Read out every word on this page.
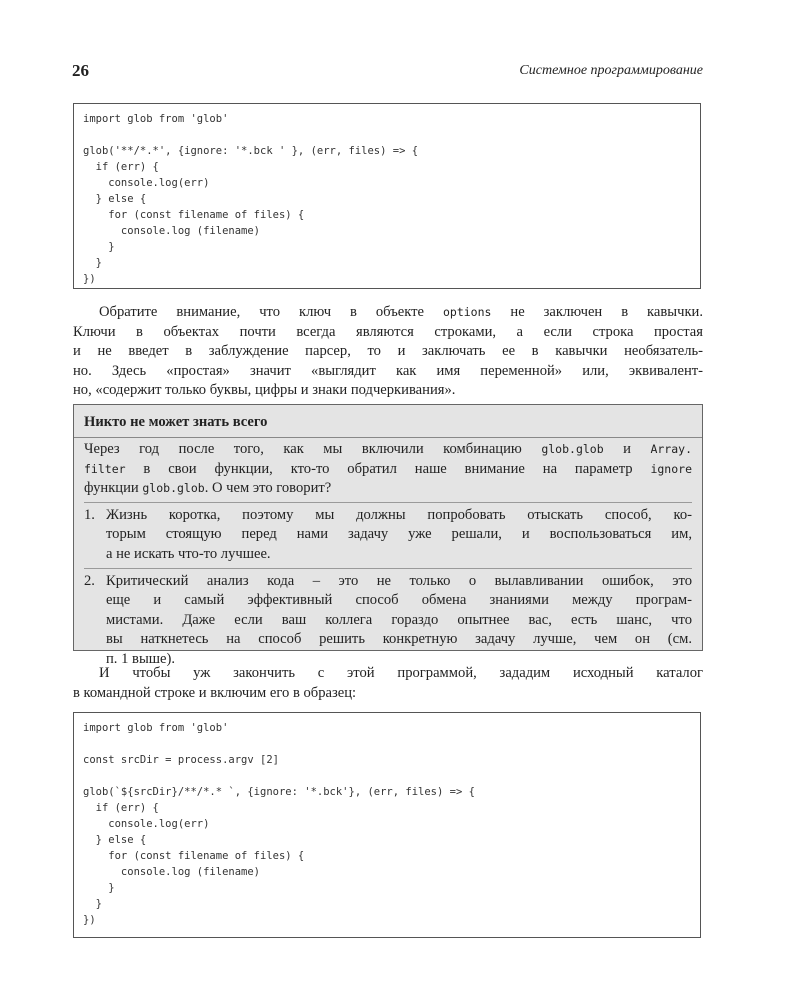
26	Системное программирование
import glob from 'glob'
glob('**/*.*', {ignore: '*.bck ' }, (err, files) => {
if (err) {
console.log(err)
} else {
for (const filename of files) {
console.log (filename)
}
}
})
Обратите внимание, что ключ в объекте options не заключен в кавычки.
Ключи в объектах почти всегда являются строками, а если строка простая
и не введет в заблуждение парсер, то и заключать ее в кавычки необязатель-
но. Здесь «простая» значит «выглядит как имя переменной» или, эквивалент-
но, «содержит только буквы, цифры и знаки подчеркивания».
Никто не может знать всего
Через год после того, как мы включили комбинацию glob.glob и Array.
filter в свои функции, кто-то обратил наше внимание на параметр ignore
функции glob.glob. О чем это говорит?
1. Жизнь коротка, поэтому мы должны попробовать отыскать способ, ко-
торым стоящую перед нами задачу уже решали, и воспользоваться им,
а не искать что-то лучшее.
2. Критический анализ кода – это не только о вылавливании ошибок, это
еще и самый эффективный способ обмена знаниями между програм-
мистами. Даже если ваш коллега гораздо опытнее вас, есть шанс, что
вы наткнетесь на способ решить конкретную задачу лучше, чем он (см.
п. 1 выше).
И чтобы уж закончить с этой программой, зададим исходный каталог
в командной строке и включим его в образец:
import glob from 'glob'
const srcDir = process.argv [2]
glob(`${srcDir}/**/*.* `, {ignore: '*.bck'}, (err, files) => {
if (err) {
console.log(err)
} else {
for (const filename of files) {
console.log (filename)
}
}
})
